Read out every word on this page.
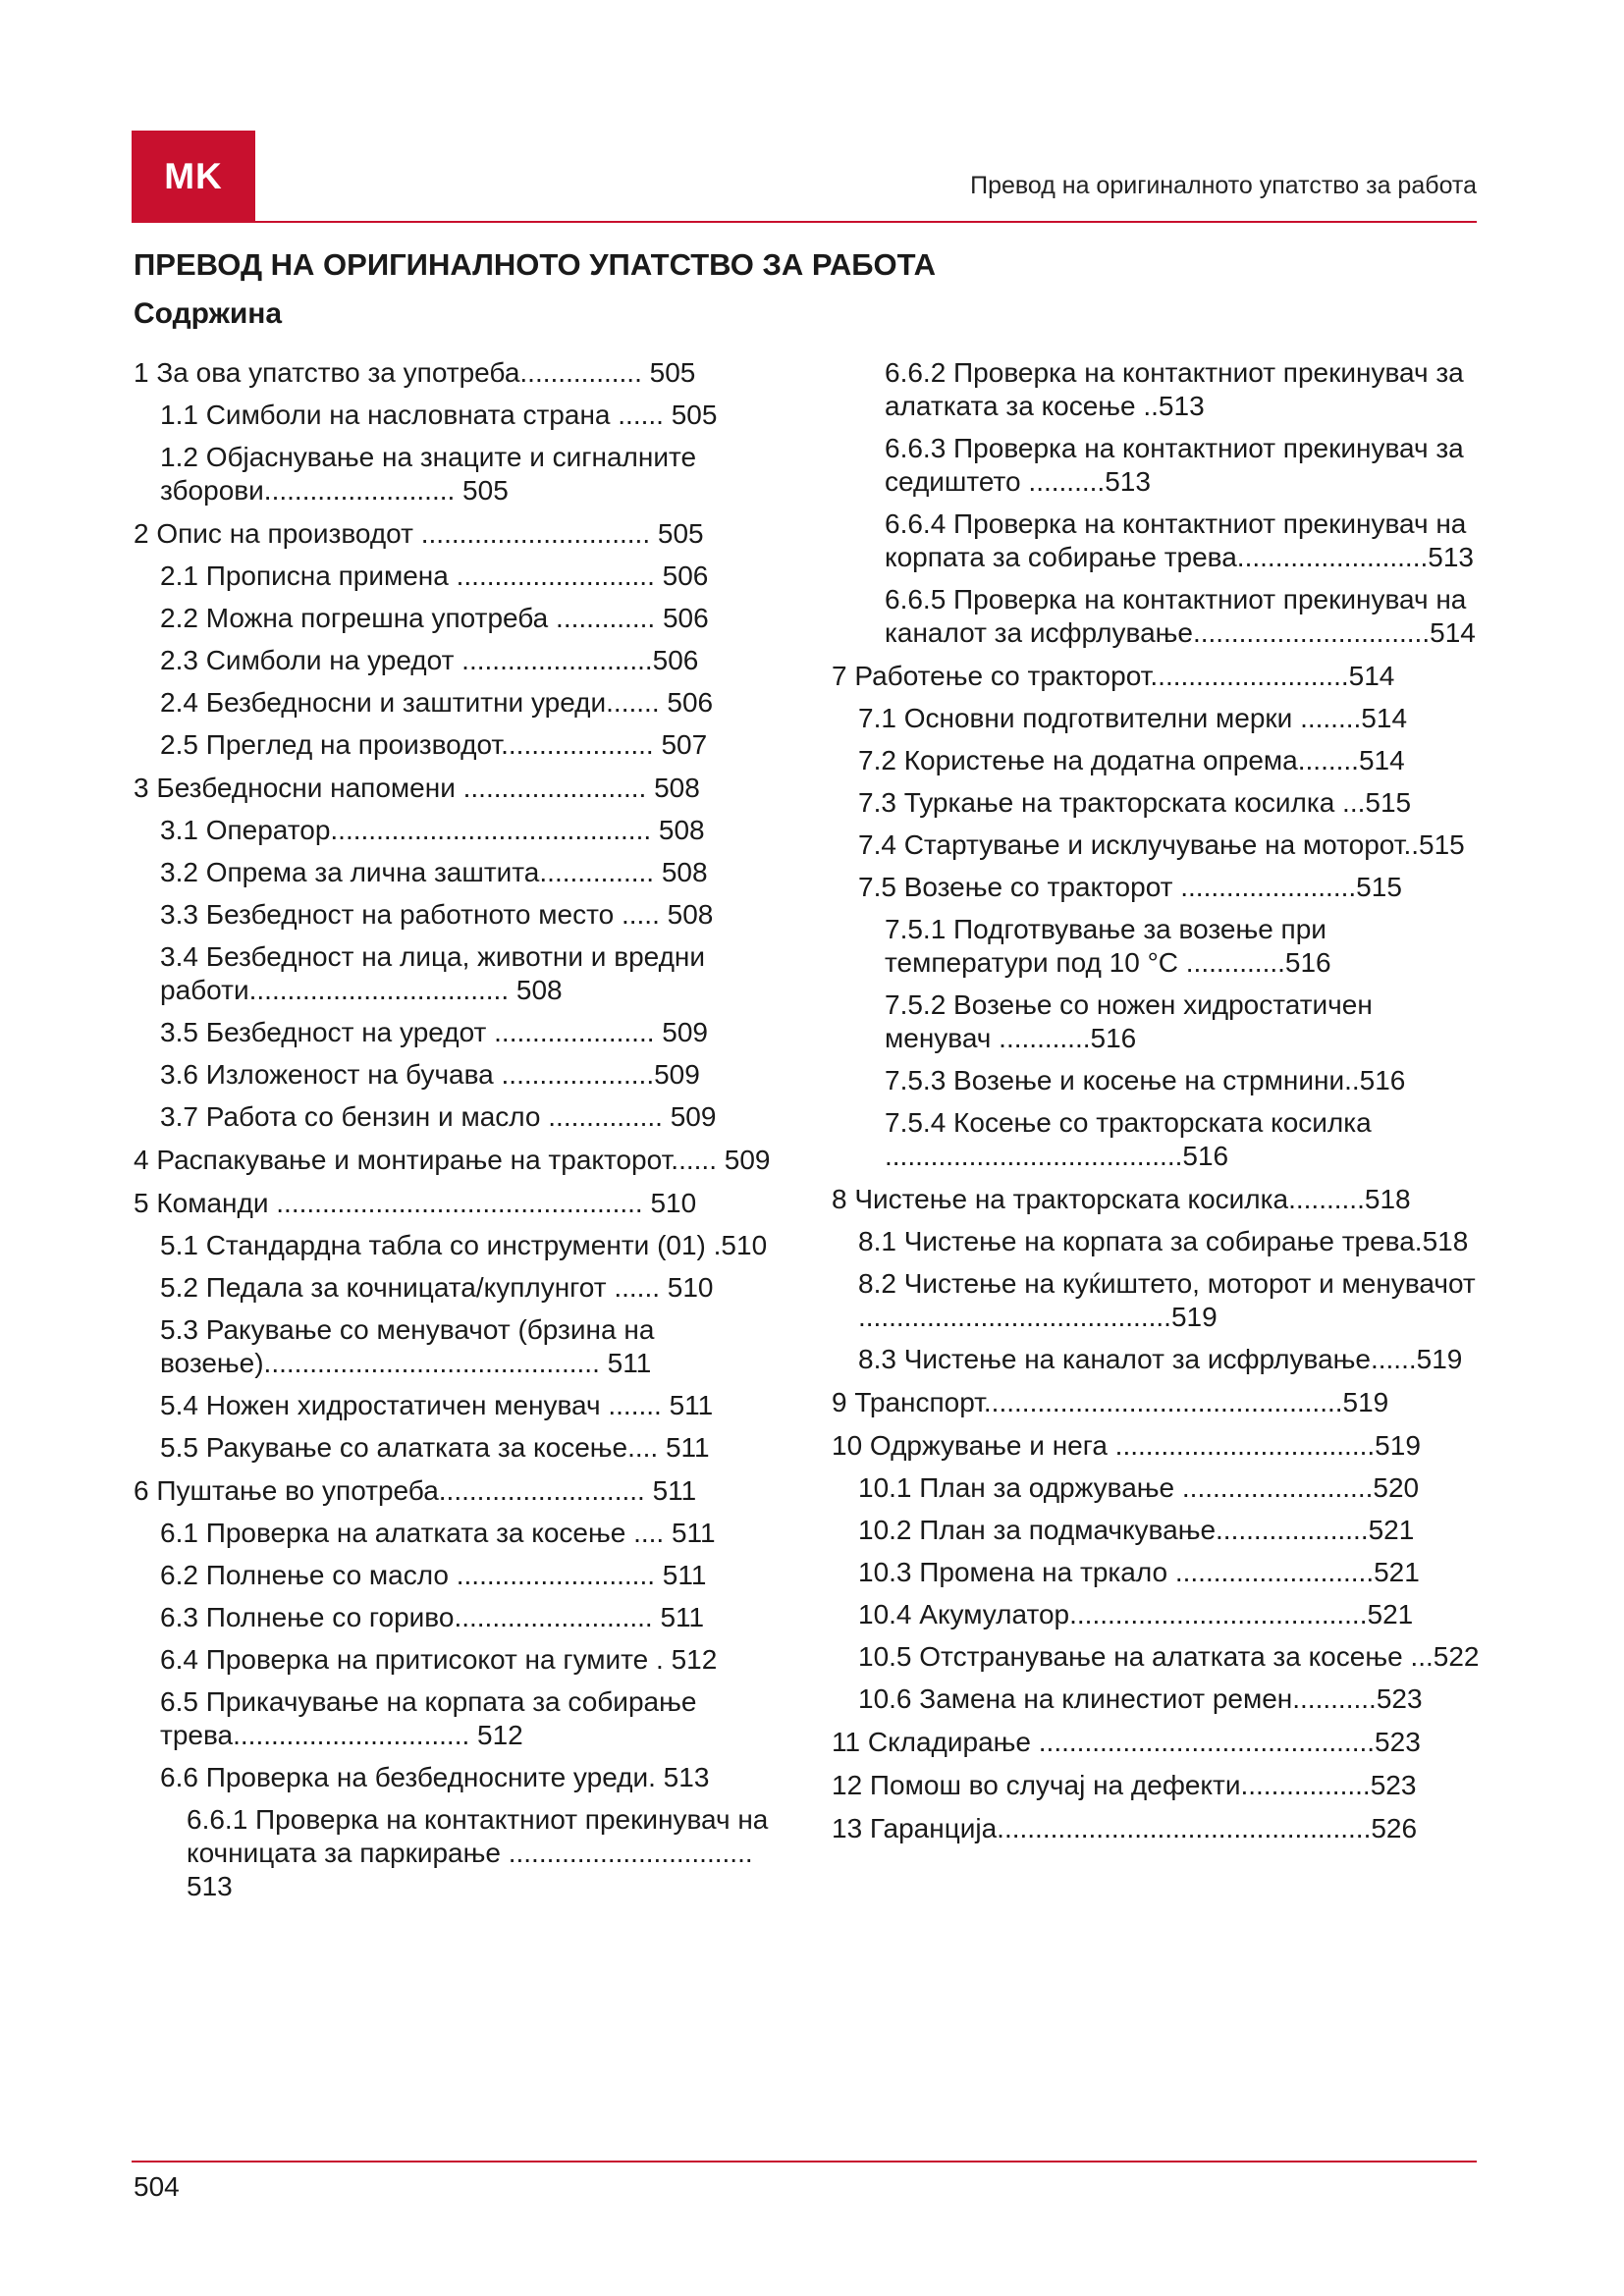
MK	Превод на оригиналното упатство за работа
ПРЕВОД НА ОРИГИНАЛНОТО УПАТСТВО ЗА РАБОТА
Содржина
1 За ова упатство за употреба................ 505
1.1 Симболи на насловната страна ...... 505
1.2 Објаснување на знаците и сигналните зборови......................... 505
2 Опис на производот .............................. 505
2.1 Прописна примена .......................... 506
2.2 Можна погрешна употреба ............. 506
2.3 Симболи на уредот .........................506
2.4 Безбедносни и заштитни уреди....... 506
2.5 Преглед на производот.................... 507
3 Безбедносни напомени ........................ 508
3.1 Оператор.......................................... 508
3.2 Опрема за лична заштита............... 508
3.3 Безбедност на работното место ..... 508
3.4 Безбедност на лица, животни и вредни работи.................................. 508
3.5 Безбедност на уредот ..................... 509
3.6 Изложеност на бучава ....................509
3.7 Работа со бензин и масло ............... 509
4 Распакување и монтирање на тракторот...... 509
5 Команди ................................................ 510
5.1 Стандардна табла со инструменти (01) .510
5.2 Педала за кочницата/куплунгот ...... 510
5.3 Ракување со менувачот (брзина на возење)............................................ 511
5.4 Ножен хидростатичен менувач ....... 511
5.5 Ракување со алатката за косење.... 511
6 Пуштање во употреба........................... 511
6.1 Проверка на алатката за косење .... 511
6.2 Полнење со масло .......................... 511
6.3 Полнење со гориво.......................... 511
6.4 Проверка на притисокот на гумите . 512
6.5 Прикачување на корпата за собирање трева............................... 512
6.6 Проверка на безбедносните уреди. 513
6.6.1 Проверка на контактниот прекинувач на кочницата за паркирање ................................ 513
6.6.2 Проверка на контактниот прекинувач за алатката за косење ..513
6.6.3 Проверка на контактниот прекинувач за седиштето ..........513
6.6.4 Проверка на контактниот прекинувач на корпата за собирање трева.........................513
6.6.5 Проверка на контактниот прекинувач на каналот за исфрлување...............................514
7 Работење со тракторот..........................514
7.1 Основни подготвителни мерки ........514
7.2 Користење на додатна опрема........514
7.3 Туркање на тракторската косилка ...515
7.4 Стартување и исклучување на моторот..515
7.5 Возење со тракторот .......................515
7.5.1 Подготвување за возење при температури под 10 °C .............516
7.5.2 Возење со ножен хидростатичен менувач ............516
7.5.3 Возење и косење на стрмнини..516
7.5.4 Косење со тракторската косилка .......................................516
8 Чистење на тракторската косилка..........518
8.1 Чистење на корпата за собирање трева.518
8.2 Чистење на куќиштето, моторот и менувачот .........................................519
8.3 Чистење на каналот за исфрлување......519
9 Транспорт...............................................519
10 Одржување и нега ..................................519
10.1 План за одржување .........................520
10.2 План за подмачкување....................521
10.3 Промена на тркало ..........................521
10.4 Акумулатор.......................................521
10.5 Отстранување на алатката за косење ...522
10.6 Замена на клинестиот ремен...........523
11 Складирање ............................................523
12 Помош во случај на дефекти.................523
13 Гаранција.................................................526
504
